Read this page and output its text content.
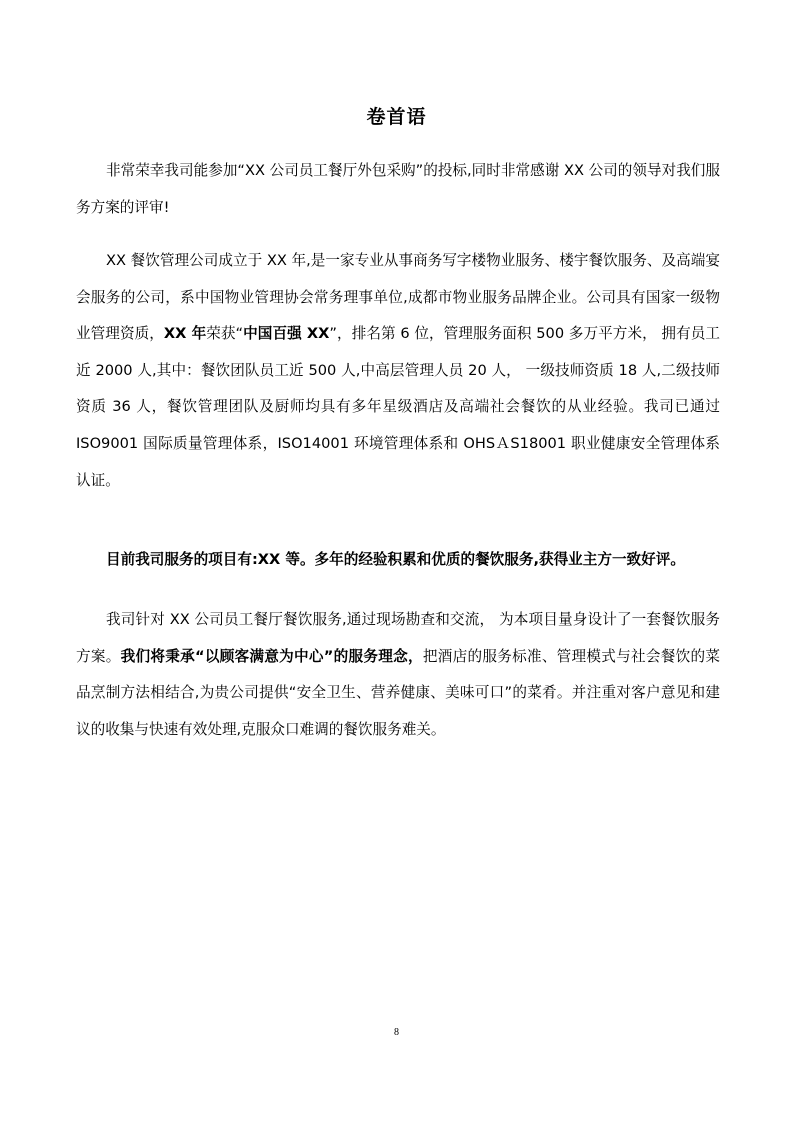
卷首语

非常荣幸我司能参加“XX 公司员工餐厅外包采购”的投标,同时非常感谢 XX 公司的领导对我们服务方案的评审!

XX 餐饮管理公司成立于 XX 年,是一家专业从事商务写字楼物业服务、楼宇餐饮服务、及高端宴会服务的公司，系中国物业管理协会常务理事单位,成都市物业服务品牌企业。公司具有国家一级物业管理资质，XX 年荣获“中国百强 XX”，排名第 6 位，管理服务面积 500 多万平方米， 拥有员工近 2000 人,其中：餐饮团队员工近 500 人,中高层管理人员 20 人， 一级技师资质 18 人,二级技师资质 36 人，餐饮管理团队及厨师均具有多年星级酒店及高端社会餐饮的从业经验。我司已通过 ISO9001 国际质量管理体系，ISO14001 环境管理体系和 OHSＡS18001 职业健康安全管理体系认证。

目前我司服务的项目有:XX 等。多年的经验积累和优质的餐饮服务,获得业主方一致好评。

我司针对 XX 公司员工餐厅餐饮服务,通过现场勘查和交流， 为本项目量身设计了一套餐饮服务方案。我们将秉承“以顾客满意为中心”的服务理念，把酒店的服务标准、管理模式与社会餐饮的菜品烹制方法相结合,为贵公司提供“安全卫生、营养健康、美味可口”的菜肴。并注重对客户意见和建议的收集与快速有效处理,克服众口难调的餐饮服务难关。

8
